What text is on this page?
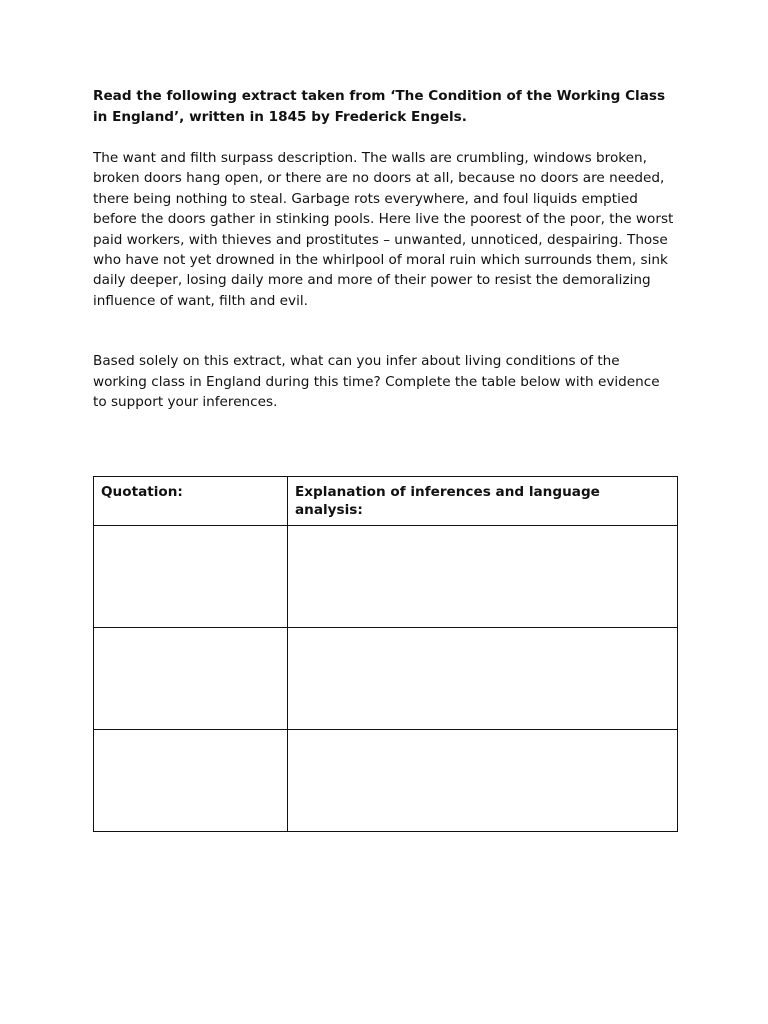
Read the following extract taken from ‘The Condition of the Working Class in England’, written in 1845 by Frederick Engels.

The want and filth surpass description. The walls are crumbling, windows broken, broken doors hang open, or there are no doors at all, because no doors are needed, there being nothing to steal. Garbage rots everywhere, and foul liquids emptied before the doors gather in stinking pools. Here live the poorest of the poor, the worst paid workers, with thieves and prostitutes – unwanted, unnoticed, despairing. Those who have not yet drowned in the whirlpool of moral ruin which surrounds them, sink daily deeper, losing daily more and more of their power to resist the demoralizing influence of want, filth and evil.

Based solely on this extract, what can you infer about living conditions of the working class in England during this time? Complete the table below with evidence to support your inferences.

Quotation:	Explanation of inferences and language analysis:
